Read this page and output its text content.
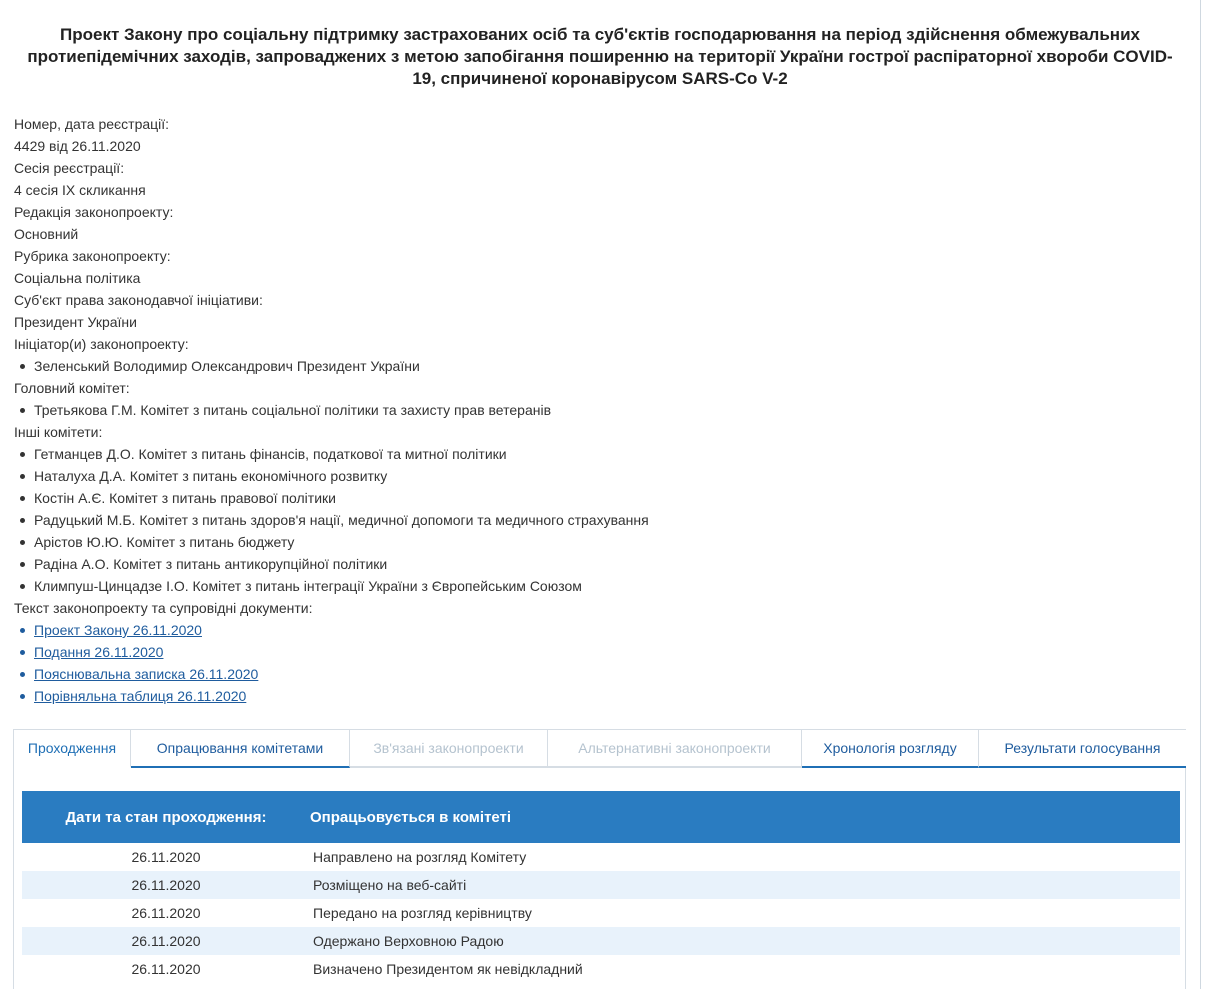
Проект Закону про соціальну підтримку застрахованих осіб та суб'єктів господарювання на період здійснення обмежувальних протиепідемічних заходів, запроваджених з метою запобігання поширенню на території України гострої распіраторної хвороби COVID-19, спричиненої коронавірусом SARS-Co V-2
Номер, дата реєстрації:
4429 від 26.11.2020
Сесія реєстрації:
4 сесія IX скликання
Редакція законопроекту:
Основний
Рубрика законопроекту:
Соціальна політика
Суб'єкт права законодавчої ініціативи:
Президент України
Ініціатор(и) законопроекту:
Зеленський Володимир Олександрович Президент України
Головний комітет:
Третьякова Г.М. Комітет з питань соціальної політики та захисту прав ветеранів
Інші комітети:
Гетманцев Д.О. Комітет з питань фінансів, податкової та митної політики
Наталуха Д.А. Комітет з питань економічного розвитку
Костін А.Є. Комітет з питань правової політики
Радуцький М.Б. Комітет з питань здоров'я нації, медичної допомоги та медичного страхування
Арістов Ю.Ю. Комітет з питань бюджету
Радіна А.О. Комітет з питань антикорупційної політики
Климпуш-Цинцадзе І.О. Комітет з питань інтеграції України з Європейським Союзом
Текст законопроекту та супровідні документи:
Проект Закону 26.11.2020
Подання 26.11.2020
Пояснювальна записка 26.11.2020
Порівняльна таблиця 26.11.2020
Проходження	Опрацювання комітетами	Зв'язані законопроекти	Альтернативні законопроекти	Хронологія розгляду	Результати голосування
Дати та стан проходження:	Опрацьовується в комітеті
26.11.2020	Направлено на розгляд Комітету
26.11.2020	Розміщено на веб-сайті
26.11.2020	Передано на розгляд керівництву
26.11.2020	Одержано Верховною Радою
26.11.2020	Визначено Президентом як невідкладний
